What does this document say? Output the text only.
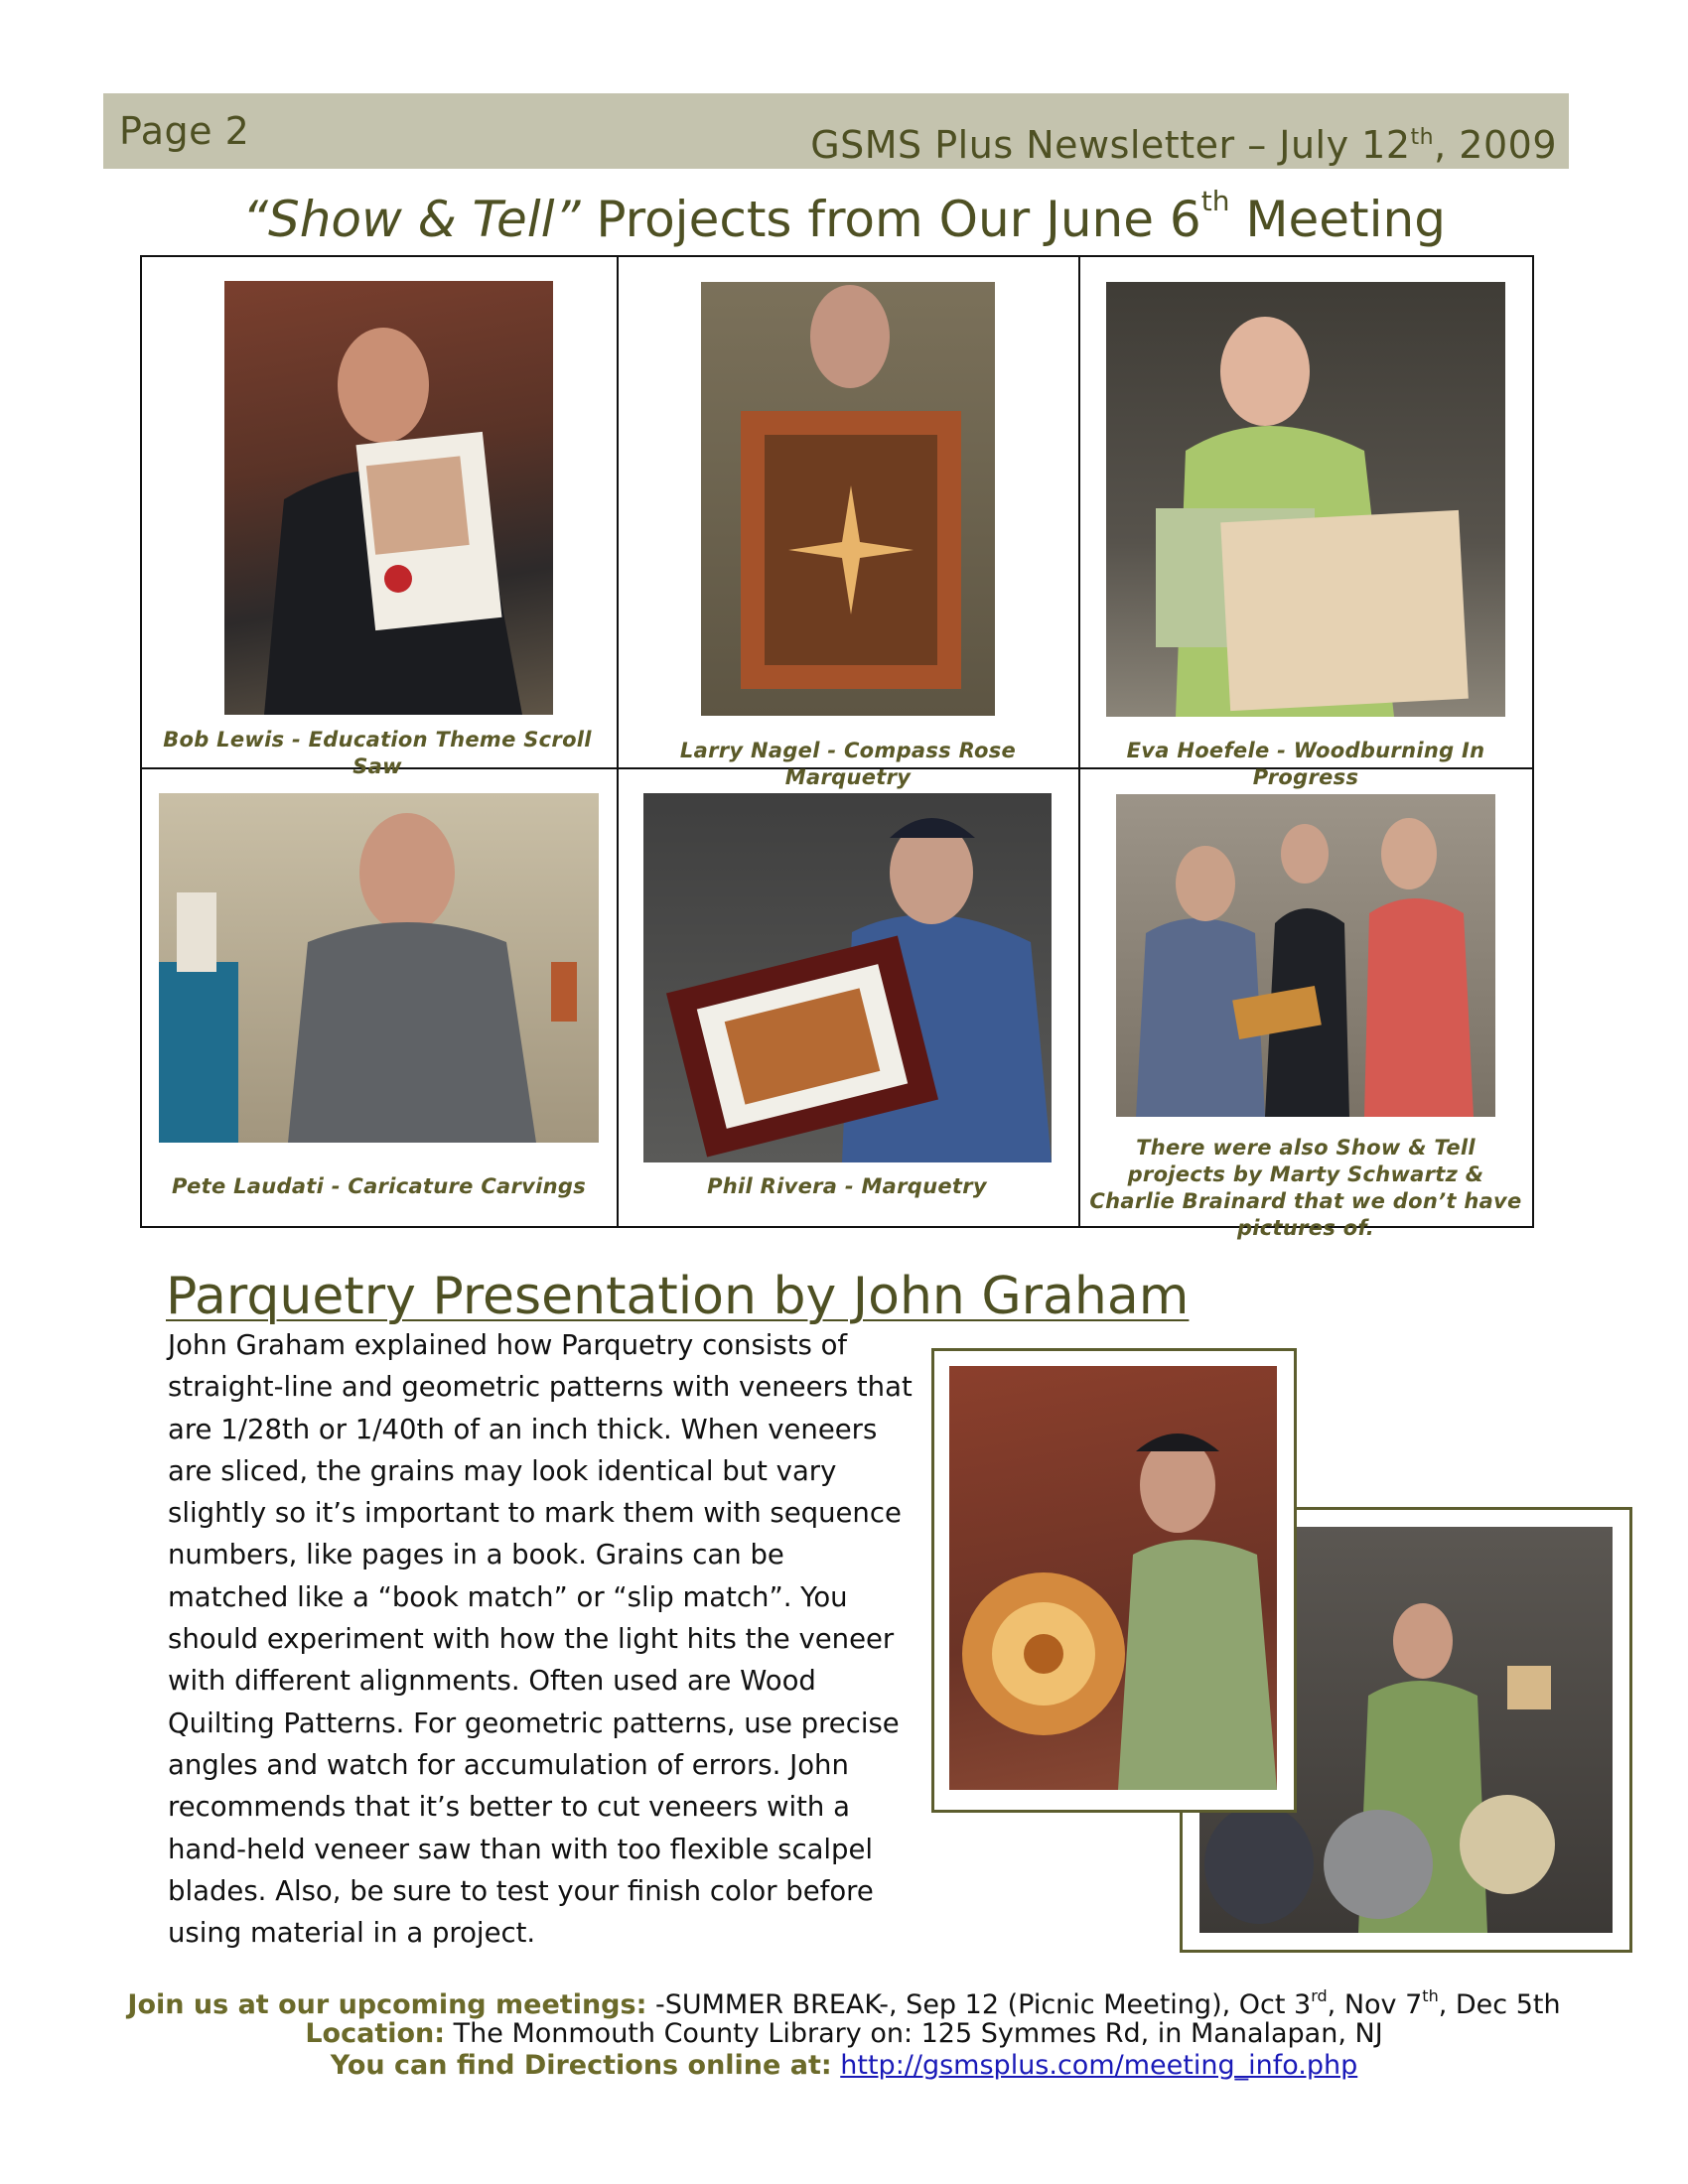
Page 2	GSMS Plus Newsletter – July 12th, 2009
“Show & Tell” Projects from Our June 6th Meeting
Bob Lewis - Education Theme Scroll Saw
Larry Nagel - Compass Rose Marquetry
Eva Hoefele - Woodburning In Progress
Pete Laudati - Caricature Carvings	Phil Rivera - Marquetry
There were also Show & Tell projects by Marty Schwartz & Charlie Brainard that we don’t have pictures of.
Parquetry Presentation by John Graham
John Graham explained how Parquetry consists of straight-line and geometric patterns with veneers that are 1/28th or 1/40th of an inch thick. When veneers are sliced, the grains may look identical but vary slightly so it’s important to mark them with sequence numbers, like pages in a book. Grains can be matched like a “book match” or “slip match”. You should experiment with how the light hits the veneer with different alignments. Often used are Wood Quilting Patterns. For geometric patterns, use precise angles and watch for accumulation of errors. John recommends that it’s better to cut veneers with a hand-held veneer saw than with too flexible scalpel blades. Also, be sure to test your finish color before using material in a project.
Join us at our upcoming meetings: -SUMMER BREAK-, Sep 12 (Picnic Meeting), Oct 3rd, Nov 7th, Dec 5th
Location: The Monmouth County Library on: 125 Symmes Rd, in Manalapan, NJ
You can find Directions online at: http://gsmsplus.com/meeting_info.php
